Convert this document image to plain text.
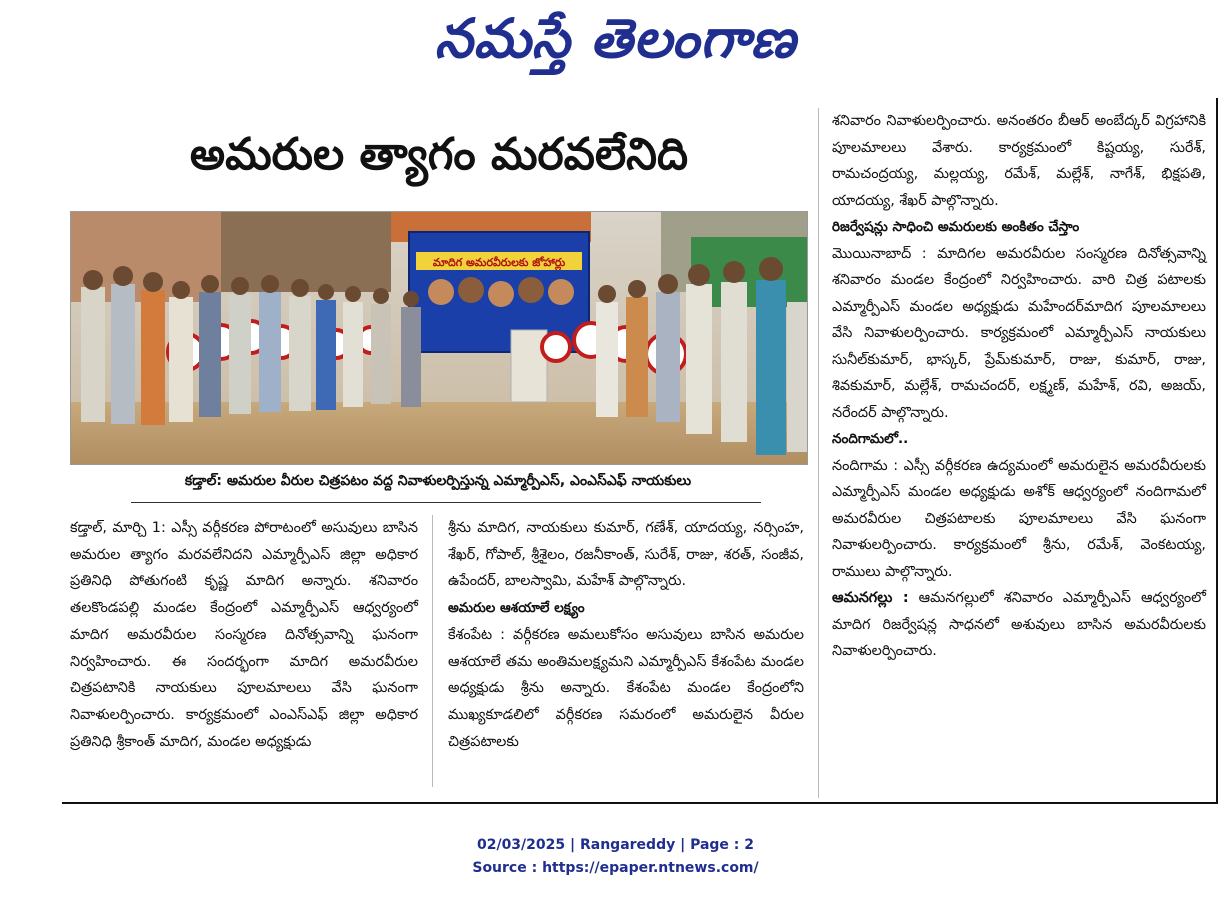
నమస్తే తెలంగాణ
అమరుల త్యాగం మరవలేనిది
మాదిగ అమరవీరులకు జోహార్లు
కడ్తాల్: అమరుల వీరుల చిత్రపటం వద్ద నివాళులర్పిస్తున్న ఎమ్మార్పీఎస్, ఎంఎస్ఎఫ్ నాయకులు

కడ్తాల్, మార్చి 1: ఎస్సీ వర్గీకరణ పోరాటంలో అసువులు బాసిన అమరుల త్యాగం మరవలేనిదని ఎమ్మార్పీఎస్ జిల్లా అధికార ప్రతినిధి పోతుగంటి కృష్ణ మాదిగ అన్నారు. శనివారం తలకొండపల్లి మండల కేంద్రంలో ఎమ్మార్పీఎస్ ఆధ్వర్యంలో మాదిగ అమరవీరుల సంస్మరణ దినోత్సవాన్ని ఘనంగా నిర్వహించారు. ఈ సందర్భంగా మాదిగ అమరవీరుల చిత్రపటానికి నాయకులు పూలమాలలు వేసి ఘనంగా నివాళులర్పించారు. కార్యక్రమంలో ఎంఎస్ఎఫ్ జిల్లా అధికార ప్రతినిధి శ్రీకాంత్ మాదిగ, మండల అధ్యక్షుడు

శ్రీను మాదిగ, నాయకులు కుమార్, గణేశ్, యాదయ్య, నర్సింహ, శేఖర్, గోపాల్, శ్రీశైలం, రజనీకాంత్, సురేశ్, రాజు, శరత్, సంజీవ, ఉపేందర్, బాలస్వామి, మహేశ్ పాల్గొన్నారు.

అమరుల ఆశయాలే లక్ష్యం

కేశంపేట : వర్గీకరణ అమలుకోసం అసువులు బాసిన అమరుల ఆశయాలే తమ అంతిమలక్ష్యమని ఎమ్మార్పీఎస్ కేశంపేట మండల అధ్యక్షుడు శ్రీను అన్నారు. కేశంపేట మండల కేంద్రంలోని ముఖ్యకూడలిలో వర్గీకరణ సమరంలో అమరులైన వీరుల చిత్రపటాలకు

శనివారం నివాళులర్పించారు. అనంతరం బీఆర్ అంబేద్కర్ విగ్రహానికి పూలమాలలు వేశారు. కార్యక్రమంలో కిష్టయ్య, సురేశ్, రామచంద్రయ్య, మల్లయ్య, రమేశ్, మల్లేశ్, నాగేశ్, భిక్షపతి, యాదయ్య, శేఖర్ పాల్గొన్నారు.

రిజర్వేషన్లు సాధించి అమరులకు అంకితం చేస్తాం

మొయినాబాద్ : మాదిగల అమరవీరుల సంస్మరణ దినోత్సవాన్ని శనివారం మండల కేంద్రంలో నిర్వహించారు. వారి చిత్ర పటాలకు ఎమ్మార్పీఎస్ మండల అధ్యక్షుడు మహేందర్‌మాదిగ పూలమాలలు వేసి నివాళులర్పించారు. కార్యక్రమంలో ఎమ్మార్పీఎస్ నాయకులు సునీల్‌కుమార్, భాస్కర్, ప్రేమ్‌కుమార్, రాజు, కుమార్, రాజు, శివకుమార్, మల్లేశ్, రామచందర్, లక్ష్మణ్, మహేశ్, రవి, అజయ్, నరేందర్ పాల్గొన్నారు.

నందిగామలో..

నందిగామ : ఎస్సీ వర్గీకరణ ఉద్యమంలో అమరులైన అమరవీరులకు ఎమ్మార్పీఎస్ మండల అధ్యక్షుడు అశోక్ ఆధ్వర్యంలో నందిగామలో అమరవీరుల చిత్రపటాలకు పూలమాలలు వేసి ఘనంగా నివాళులర్పించారు. కార్యక్రమంలో శ్రీను, రమేశ్, వెంకటయ్య, రాములు పాల్గొన్నారు.

ఆమనగల్లు : ఆమనగల్లులో శనివారం ఎమ్మార్పీఎస్ ఆధ్వర్యంలో మాదిగ రిజర్వేషన్ల సాధనలో అశువులు బాసిన అమరవీరులకు నివాళులర్పించారు.

02/03/2025 | Rangareddy | Page : 2
Source : https://epaper.ntnews.com/
